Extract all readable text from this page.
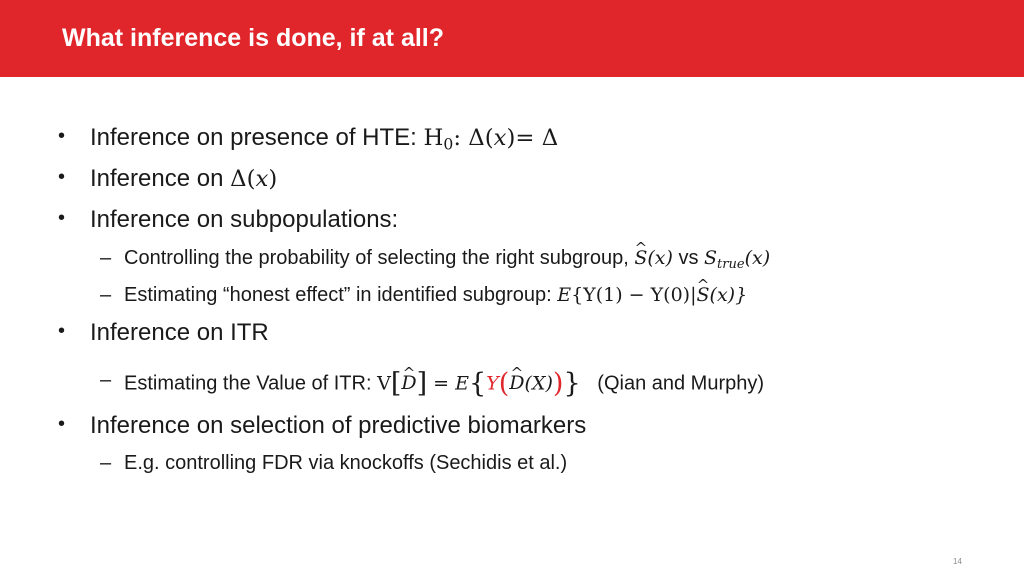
What inference is done, if at all?
• Inference on presence of HTE: $H_0$: Δ(x)= Δ
• Inference on Δ(x)
• Inference on subpopulations:
– Controlling the probability of selecting the right subgroup, ^ S(x) vs $S_{true}(x)$
– Estimating “honest effect” in identified subgroup: E{Y(1) − Y(0)|^ S(x)}
• Inference on ITR
– Estimating the Value of ITR: V[^ D] = E{Y(^ D(X))} (Qian and Murphy)
• Inference on selection of predictive biomarkers
– E.g. controlling FDR via knockoffs (Sechidis et al.)
14
